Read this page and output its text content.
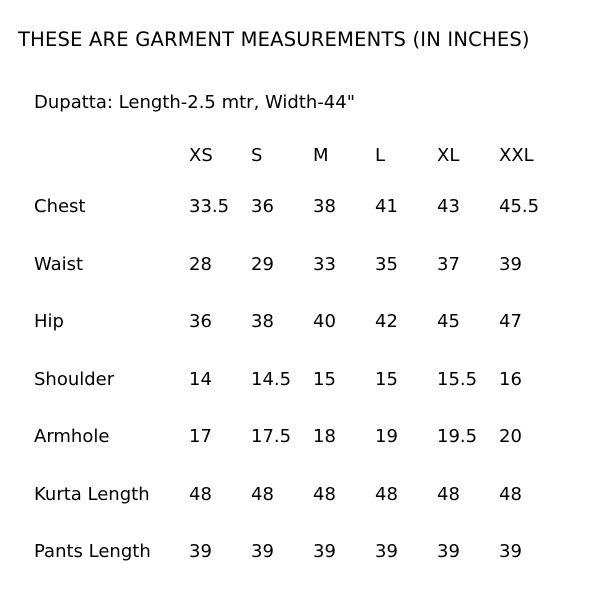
THESE ARE GARMENT MEASUREMENTS (IN INCHES)
Dupatta: Length-2.5 mtr, Width-44"
	XS	S	M	L	XL	XXL
Chest	33.5	36	38	41	43	45.5
Waist	28	29	33	35	37	39
Hip	36	38	40	42	45	47
Shoulder	14	14.5	15	15	15.5	16
Armhole	17	17.5	18	19	19.5	20
Kurta Length	48	48	48	48	48	48
Pants Length	39	39	39	39	39	39
